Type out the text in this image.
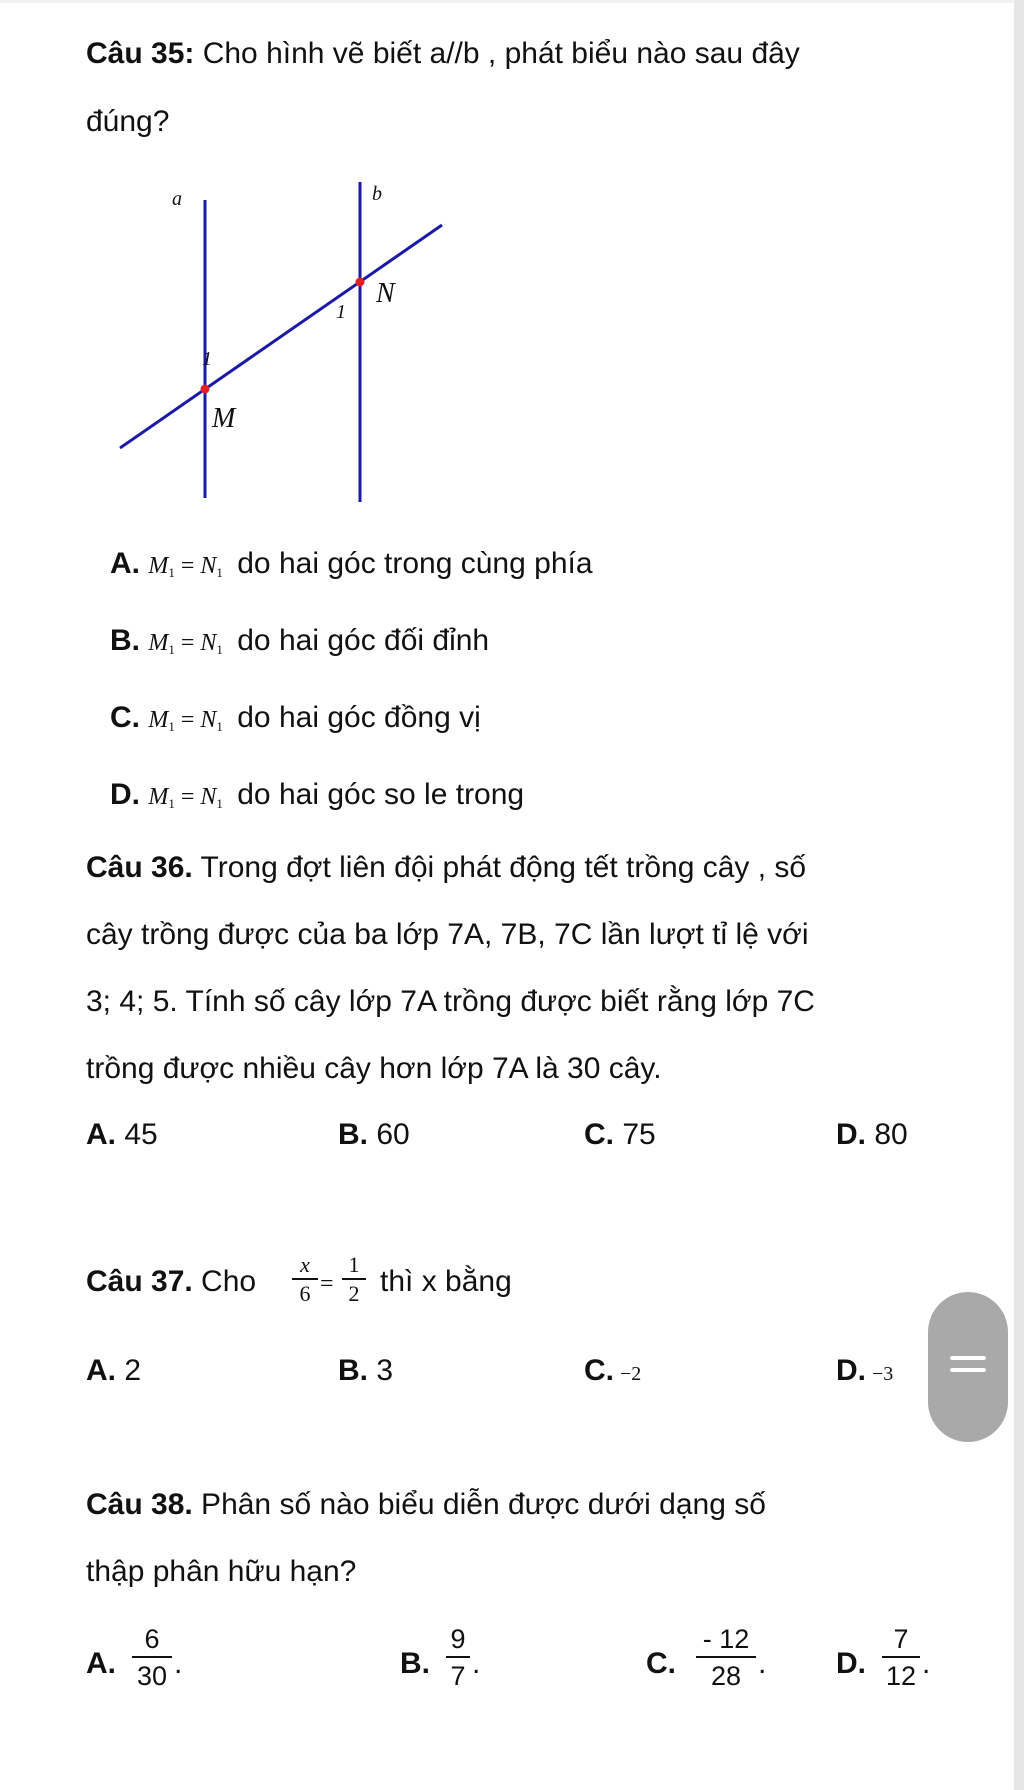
Câu 35: Cho hình vẽ biết a//b , phát biểu nào sau đây
đúng?
a	b
N
1
1
M
A. $M_1 = N_1$ do hai góc trong cùng phía
B. $M_1 = N_1$ do hai góc đối đỉnh
C. $M_1 = N_1$ do hai góc đồng vị
D. $M_1 = N_1$ do hai góc so le trong
Câu 36. Trong đợt liên đội phát động tết trồng cây , số
cây trồng được của ba lớp 7A, 7B, 7C lần lượt tỉ lệ với
3; 4; 5. Tính số cây lớp 7A trồng được biết rằng lớp 7C
trồng được nhiều cây hơn lớp 7A là 30 cây.
A. 45	B. 60	C. 75	D. 80
Câu 37. Cho
x
6 =
1
2 thì x bằng
A. 2	B. 3	C. −2	D. −3
Câu 38. Phân số nào biểu diễn được dưới dạng số
thập phân hữu hạn?
A.
6
30 .	B.
9
7 .	C.
- 12
28 . D.
7
12 .
